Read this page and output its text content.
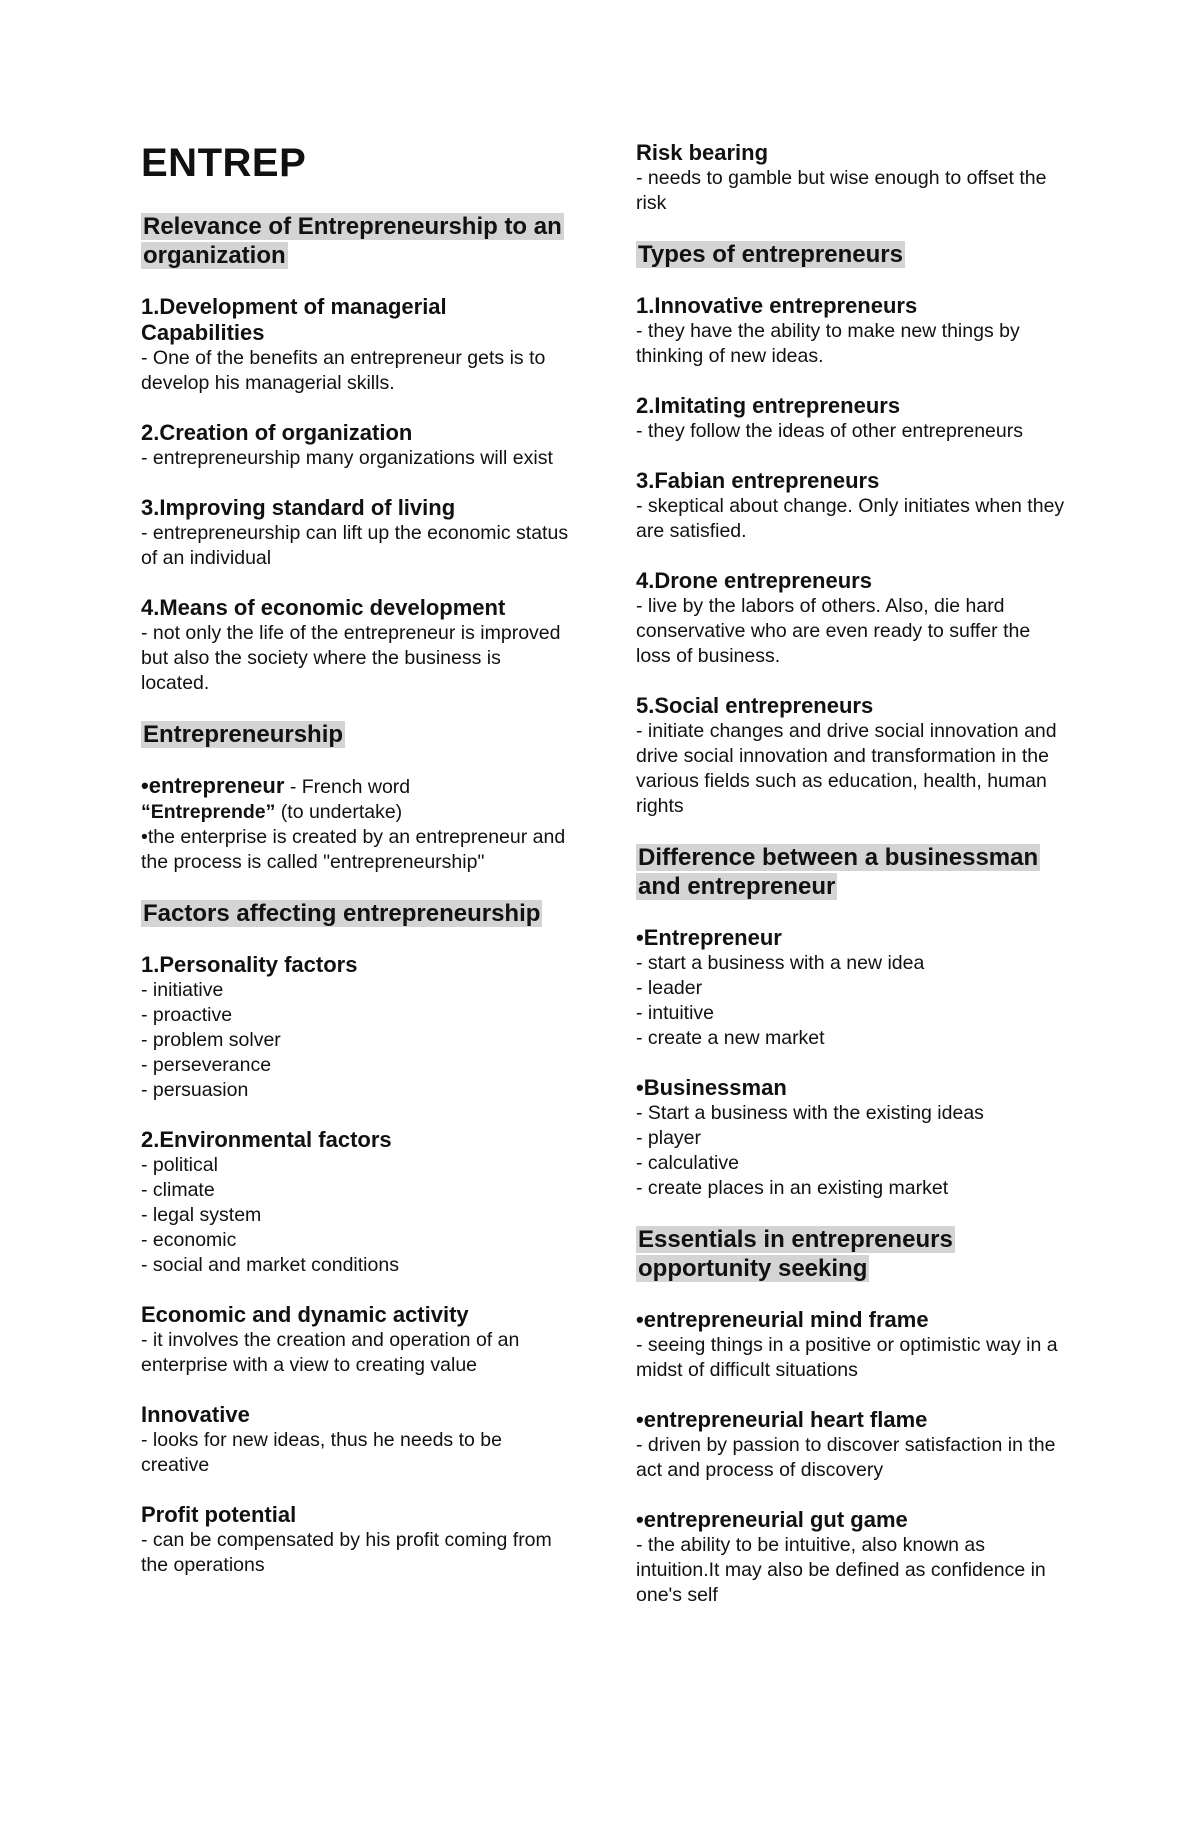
ENTREP
Relevance of Entrepreneurship to an organization
1.Development of managerial Capabilities
- One of the benefits an entrepreneur gets is to develop his managerial skills.
2.Creation of organization
- entrepreneurship many organizations will exist
3.Improving standard of living
- entrepreneurship can lift up the economic status of an individual
4.Means of economic development
- not only the life of the entrepreneur is improved but also the society where the business is located.
Entrepreneurship
•entrepreneur - French word
“Entreprende” (to undertake)
•the enterprise is created by an entrepreneur and the process is called "entrepreneurship"
Factors affecting entrepreneurship
1.Personality factors
- initiative
- proactive
- problem solver
- perseverance
- persuasion
2.Environmental factors
- political
- climate
- legal system
- economic
- social and market conditions
Economic and dynamic activity
- it involves the creation and operation of an enterprise with a view to creating value
Innovative
- looks for new ideas, thus he needs to be creative
Profit potential
- can be compensated by his profit coming from the operations
Risk bearing
- needs to gamble but wise enough to offset the risk
Types of entrepreneurs
1.Innovative entrepreneurs
- they have the ability to make new things by thinking of new ideas.
2.Imitating entrepreneurs
- they follow the ideas of other entrepreneurs
3.Fabian entrepreneurs
- skeptical about change. Only initiates when they are satisfied.
4.Drone entrepreneurs
- live by the labors of others. Also, die hard conservative who are even ready to suffer the loss of business.
5.Social entrepreneurs
- initiate changes and drive social innovation and drive social innovation and transformation in the various fields such as education, health, human rights
Difference between a businessman and entrepreneur
•Entrepreneur
- start a business with a new idea
- leader
- intuitive
- create a new market
•Businessman
- Start a business with the existing ideas
- player
- calculative
- create places in an existing market
Essentials in entrepreneurs opportunity seeking
•entrepreneurial mind frame
- seeing things in a positive or optimistic way in a midst of difficult situations
•entrepreneurial heart flame
- driven by passion to discover satisfaction in the act and process of discovery
•entrepreneurial gut game
- the ability to be intuitive, also known as intuition.It may also be defined as confidence in one's self
